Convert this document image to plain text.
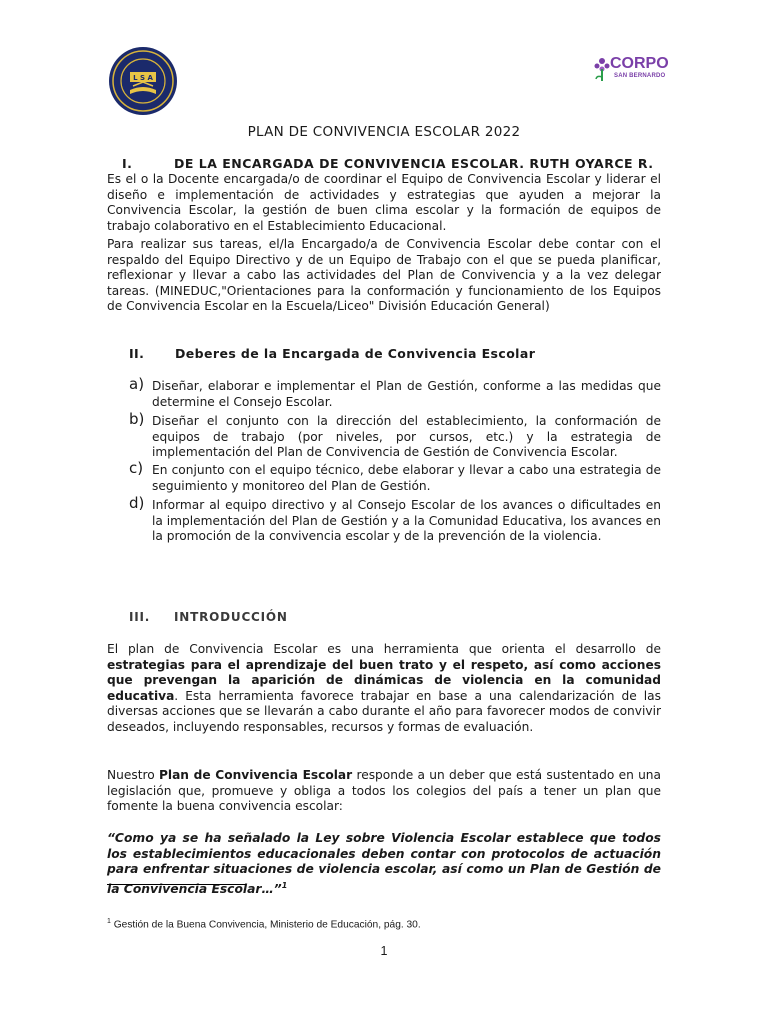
L S A
CORPO
SAN BERNARDO
PLAN DE CONVIVENCIA ESCOLAR 2022
I.	DE LA ENCARGADA DE CONVIVENCIA ESCOLAR. RUTH OYARCE R.

Es el o la Docente encargada/o de coordinar el Equipo de Convivencia Escolar y liderar el diseño e implementación de actividades y estrategias que ayuden a mejorar la Convivencia Escolar, la gestión de buen clima escolar y la formación de equipos de trabajo colaborativo en el Establecimiento Educacional.

Para realizar sus tareas, el/la Encargado/a de Convivencia Escolar debe contar con el respaldo del Equipo Directivo y de un Equipo de Trabajo con el que se pueda planificar, reflexionar y llevar a cabo las actividades del Plan de Convivencia y a la vez delegar tareas. (MINEDUC,"Orientaciones para la conformación y funcionamiento de los Equipos de Convivencia Escolar en la Escuela/Liceo" División Educación General)

II. Deberes de la Encargada de Convivencia Escolar
a) Diseñar, elaborar e implementar el Plan de Gestión, conforme a las medidas que determine el Consejo Escolar.
b) Diseñar el conjunto con la dirección del establecimiento, la conformación de equipos de trabajo (por niveles, por cursos, etc.) y la estrategia de implementación del Plan de Convivencia de Gestión de Convivencia Escolar.
c) En conjunto con el equipo técnico, debe elaborar y llevar a cabo una estrategia de seguimiento y monitoreo del Plan de Gestión.
d) Informar al equipo directivo y al Consejo Escolar de los avances o dificultades en la implementación del Plan de Gestión y a la Comunidad Educativa, los avances en la promoción de la convivencia escolar y de la prevención de la violencia.
III. INTRODUCCIÓN

El plan de Convivencia Escolar es una herramienta que orienta el desarrollo de estrategias para el aprendizaje del buen trato y el respeto, así como acciones que prevengan la aparición de dinámicas de violencia en la comunidad educativa. Esta herramienta favorece trabajar en base a una calendarización de las diversas acciones que se llevarán a cabo durante el año para favorecer modos de convivir deseados, incluyendo responsables, recursos y formas de evaluación.

Nuestro Plan de Convivencia Escolar responde a un deber que está sustentado en una legislación que, promueve y obliga a todos los colegios del país a tener un plan que fomente la buena convivencia escolar:

“Como ya se ha señalado la Ley sobre Violencia Escolar establece que todos los establecimientos educacionales deben contar con protocolos de actuación para enfrentar situaciones de violencia escolar, así como un Plan de Gestión de la Convivencia Escolar…”$^1$

$^1$ Gestión de la Buena Convivencia, Ministerio de Educación, pág. 30.
1
